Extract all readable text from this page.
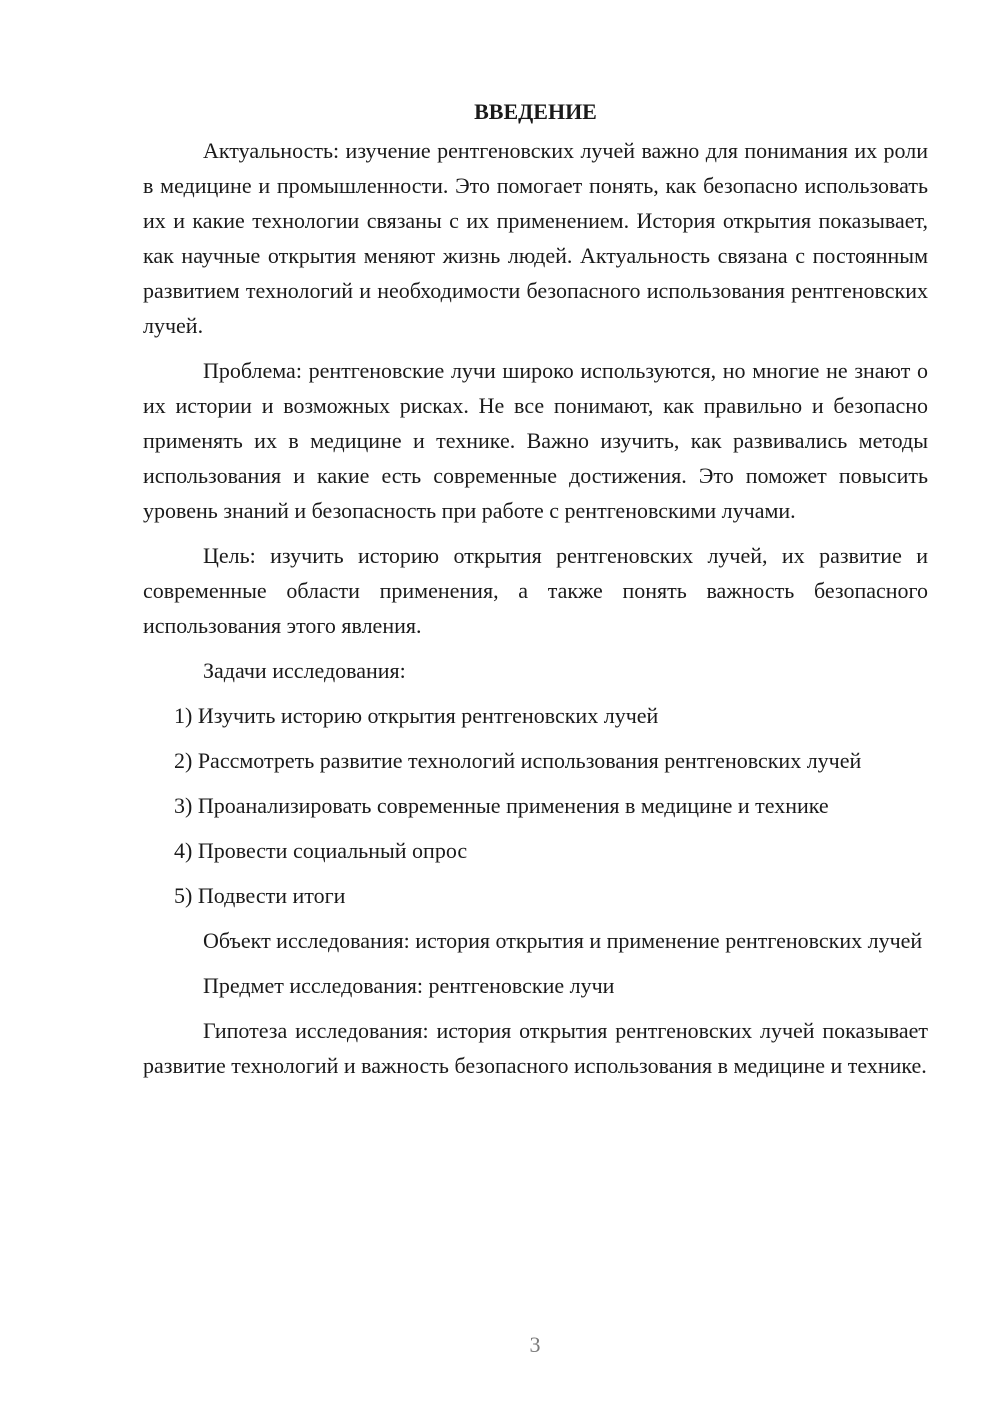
ВВЕДЕНИЕ

Актуальность: изучение рентгеновских лучей важно для понимания их роли в медицине и промышленности. Это помогает понять, как безопасно использовать их и какие технологии связаны с их применением. История открытия показывает, как научные открытия меняют жизнь людей. Актуальность связана с постоянным развитием технологий и необходимости безопасного использования рентгеновских лучей.

Проблема: рентгеновские лучи широко используются, но многие не знают о их истории и возможных рисках. Не все понимают, как правильно и безопасно применять их в медицине и технике. Важно изучить, как развивались методы использования и какие есть современные достижения. Это поможет повысить уровень знаний и безопасность при работе с рентгеновскими лучами.

Цель: изучить историю открытия рентгеновских лучей, их развитие и современные области применения, а также понять важность безопасного использования этого явления.

Задачи исследования:

1) Изучить историю открытия рентгеновских лучей

2) Рассмотреть развитие технологий использования рентгеновских лучей

3) Проанализировать современные применения в медицине и технике

4) Провести социальный опрос

5) Подвести итоги

Объект исследования: история открытия и применение рентгеновских лучей

Предмет исследования: рентгеновские лучи

Гипотеза исследования: история открытия рентгеновских лучей показывает развитие технологий и важность безопасного использования в медицине и технике.

3
